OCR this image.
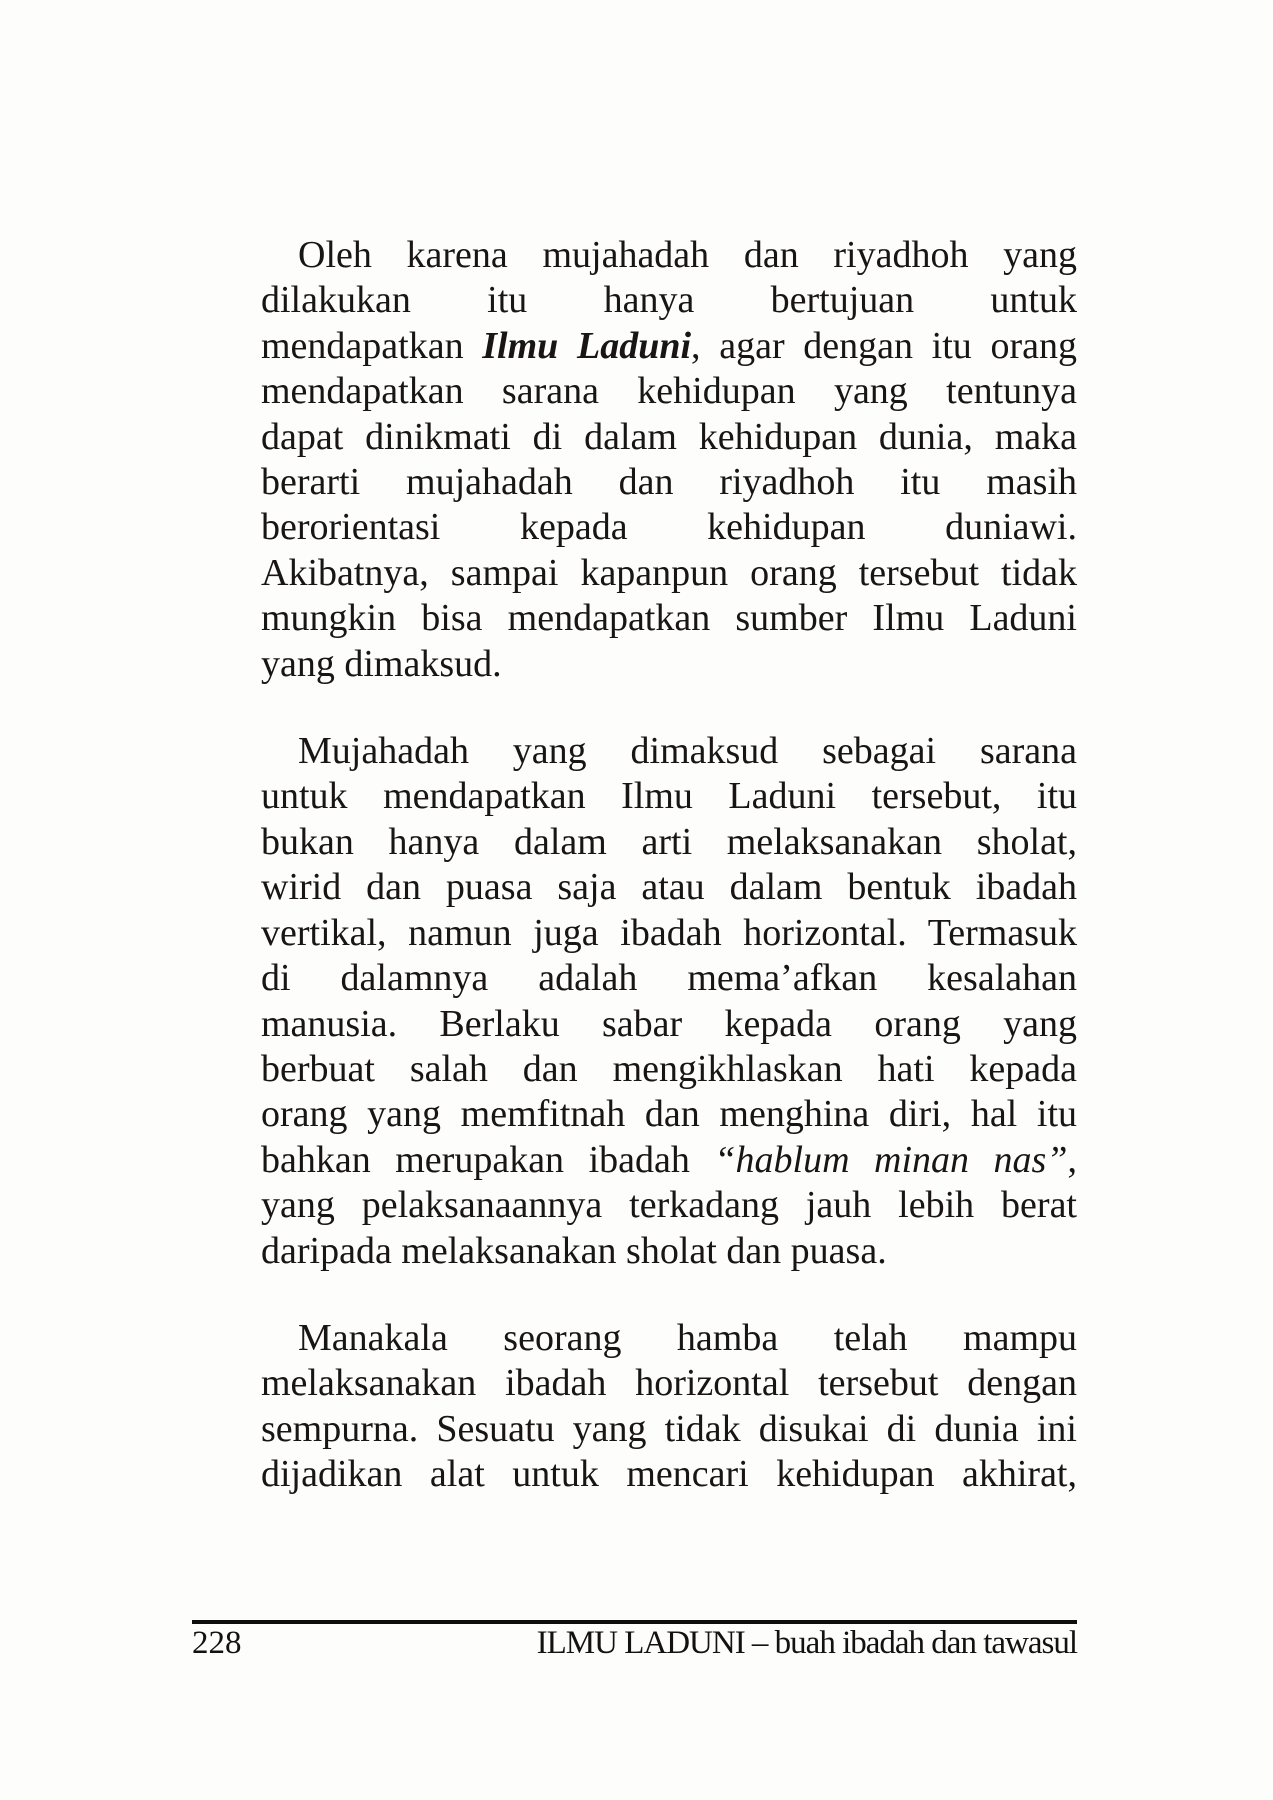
Oleh karena mujahadah dan riyadhoh yang
dilakukan itu hanya bertujuan untuk
mendapatkan Ilmu Laduni, agar dengan itu orang
mendapatkan sarana kehidupan yang tentunya
dapat dinikmati di dalam kehidupan dunia, maka
berarti mujahadah dan riyadhoh itu masih
berorientasi kepada kehidupan duniawi.
Akibatnya, sampai kapanpun orang tersebut tidak
mungkin bisa mendapatkan sumber Ilmu Laduni
yang dimaksud.
Mujahadah yang dimaksud sebagai sarana
untuk mendapatkan Ilmu Laduni tersebut, itu
bukan hanya dalam arti melaksanakan sholat,
wirid dan puasa saja atau dalam bentuk ibadah
vertikal, namun juga ibadah horizontal. Termasuk
di dalamnya adalah mema’afkan kesalahan
manusia. Berlaku sabar kepada orang yang
berbuat salah dan mengikhlaskan hati kepada
orang yang memfitnah dan menghina diri, hal itu
bahkan merupakan ibadah “hablum minan nas”,
yang pelaksanaannya terkadang jauh lebih berat
daripada melaksanakan sholat dan puasa.
Manakala seorang hamba telah mampu
melaksanakan ibadah horizontal tersebut dengan
sempurna. Sesuatu yang tidak disukai di dunia ini
dijadikan alat untuk mencari kehidupan akhirat,
228	ILMU LADUNI – buah ibadah dan tawasul
